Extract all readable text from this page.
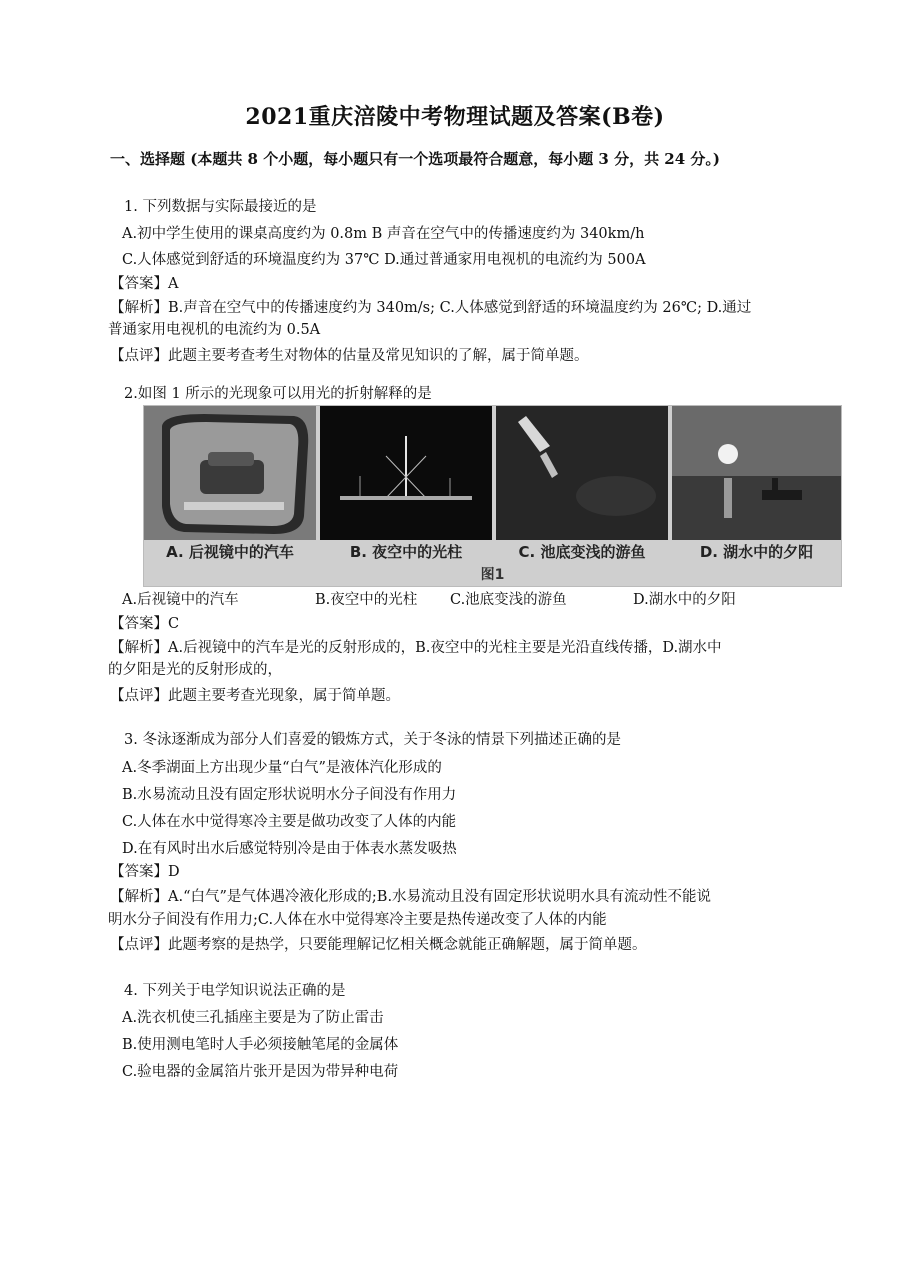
2021重庆涪陵中考物理试题及答案(B卷)
一、选择题 (本题共 8 个小题，每小题只有一个选项最符合题意，每小题 3 分，共 24 分。)
1. 下列数据与实际最接近的是
A.初中学生使用的课桌高度约为 0.8m B 声音在空气中的传播速度约为 340km/h
C.人体感觉到舒适的环境温度约为 37℃ D.通过普通家用电视机的电流约为 500A
【答案】A
【解析】B.声音在空气中的传播速度约为 340m/s; C.人体感觉到舒适的环境温度约为 26℃; D.通过
普通家用电视机的电流约为 0.5A
【点评】此题主要考查考生对物体的估量及常见知识的了解，属于简单题。
2.如图 1 所示的光现象可以用光的折射解释的是
A. 后视镜中的汽车	B. 夜空中的光柱	C. 池底变浅的游鱼	D. 湖水中的夕阳
图1
A.后视镜中的汽车	B.夜空中的光柱 C.池底变浅的游鱼	D.湖水中的夕阳
【答案】C
【解析】A.后视镜中的汽车是光的反射形成的，B.夜空中的光柱主要是光沿直线传播，D.湖水中
的夕阳是光的反射形成的，
【点评】此题主要考查光现象，属于简单题。
3. 冬泳逐渐成为部分人们喜爱的锻炼方式，关于冬泳的情景下列描述正确的是
A.冬季湖面上方出现少量“白气”是液体汽化形成的
B.水易流动且没有固定形状说明水分子间没有作用力
C.人体在水中觉得寒冷主要是做功改变了人体的内能
D.在有风时出水后感觉特别冷是由于体表水蒸发吸热
【答案】D
【解析】A.“白气”是气体遇冷液化形成的;B.水易流动且没有固定形状说明水具有流动性不能说
明水分子间没有作用力;C.人体在水中觉得寒冷主要是热传递改变了人体的内能
【点评】此题考察的是热学，只要能理解记忆相关概念就能正确解题，属于简单题。
4. 下列关于电学知识说法正确的是
A.洗衣机使三孔插座主要是为了防止雷击
B.使用测电笔时人手必须接触笔尾的金属体
C.验电器的金属箔片张开是因为带异种电荷
